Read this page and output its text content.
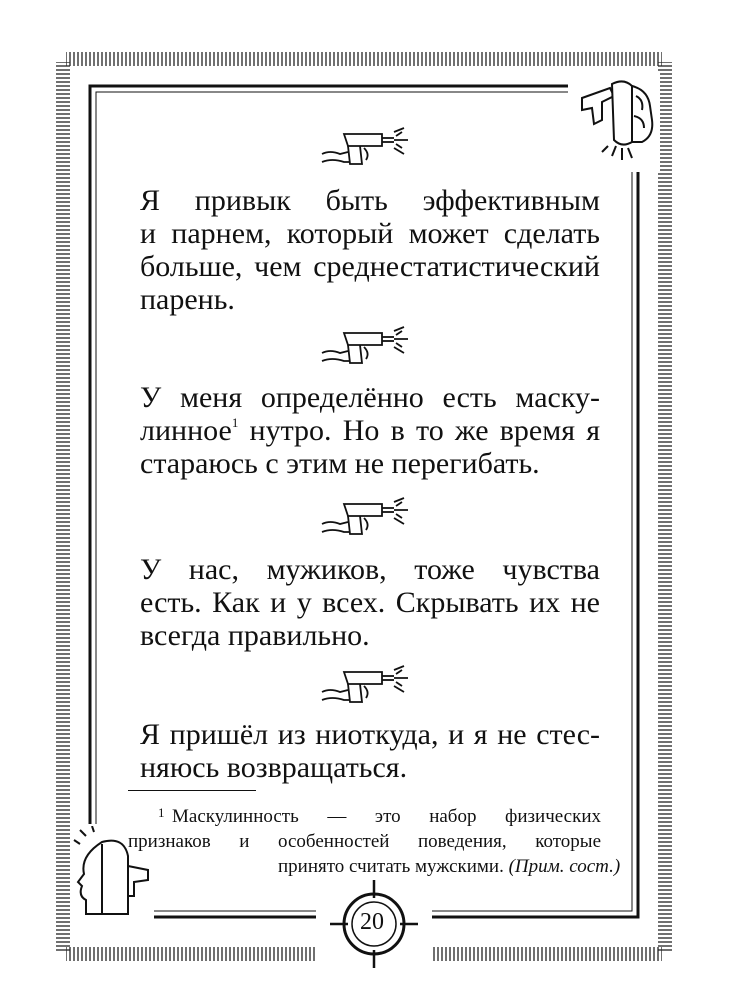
Я привык быть эффективным
и парнем, который может сделать
больше, чем среднестатистический
парень.

У меня определённо есть маску-
линное$^1$ нутро. Но в то же время я
стараюсь с этим не перегибать.

У нас, мужиков, тоже чувства
есть. Как и у всех. Скрывать их не
всегда правильно.

Я пришёл из ниоткуда, и я не стес-
няюсь возвращаться.

1 Маскулинность — это набор физических
признаков и особенностей поведения, которые
принято считать мужскими. (Прим. сост.)

20
